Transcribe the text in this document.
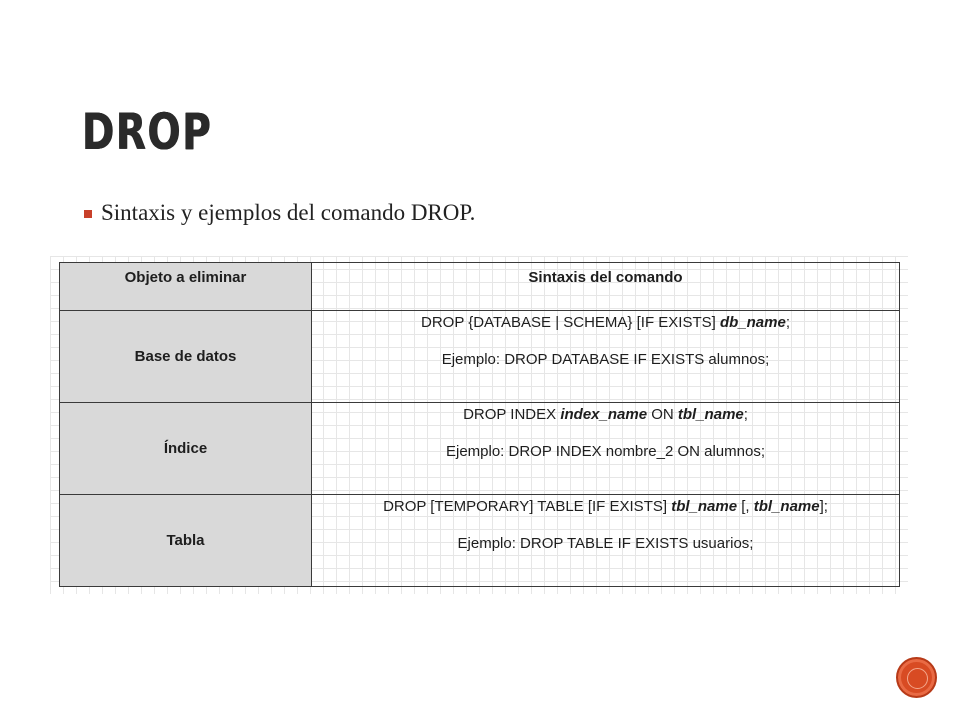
DROP
Sintaxis y ejemplos del comando DROP.
Objeto a eliminar	Sintaxis del comando
Base de datos	DROP {DATABASE | SCHEMA} [IF EXISTS] db_name;
Ejemplo: DROP DATABASE IF EXISTS alumnos;

Índice	DROP INDEX index_name ON tbl_name;
Ejemplo: DROP INDEX nombre_2 ON alumnos;

Tabla	DROP [TEMPORARY] TABLE [IF EXISTS] tbl_name [, tbl_name];
Ejemplo: DROP TABLE IF EXISTS usuarios;
